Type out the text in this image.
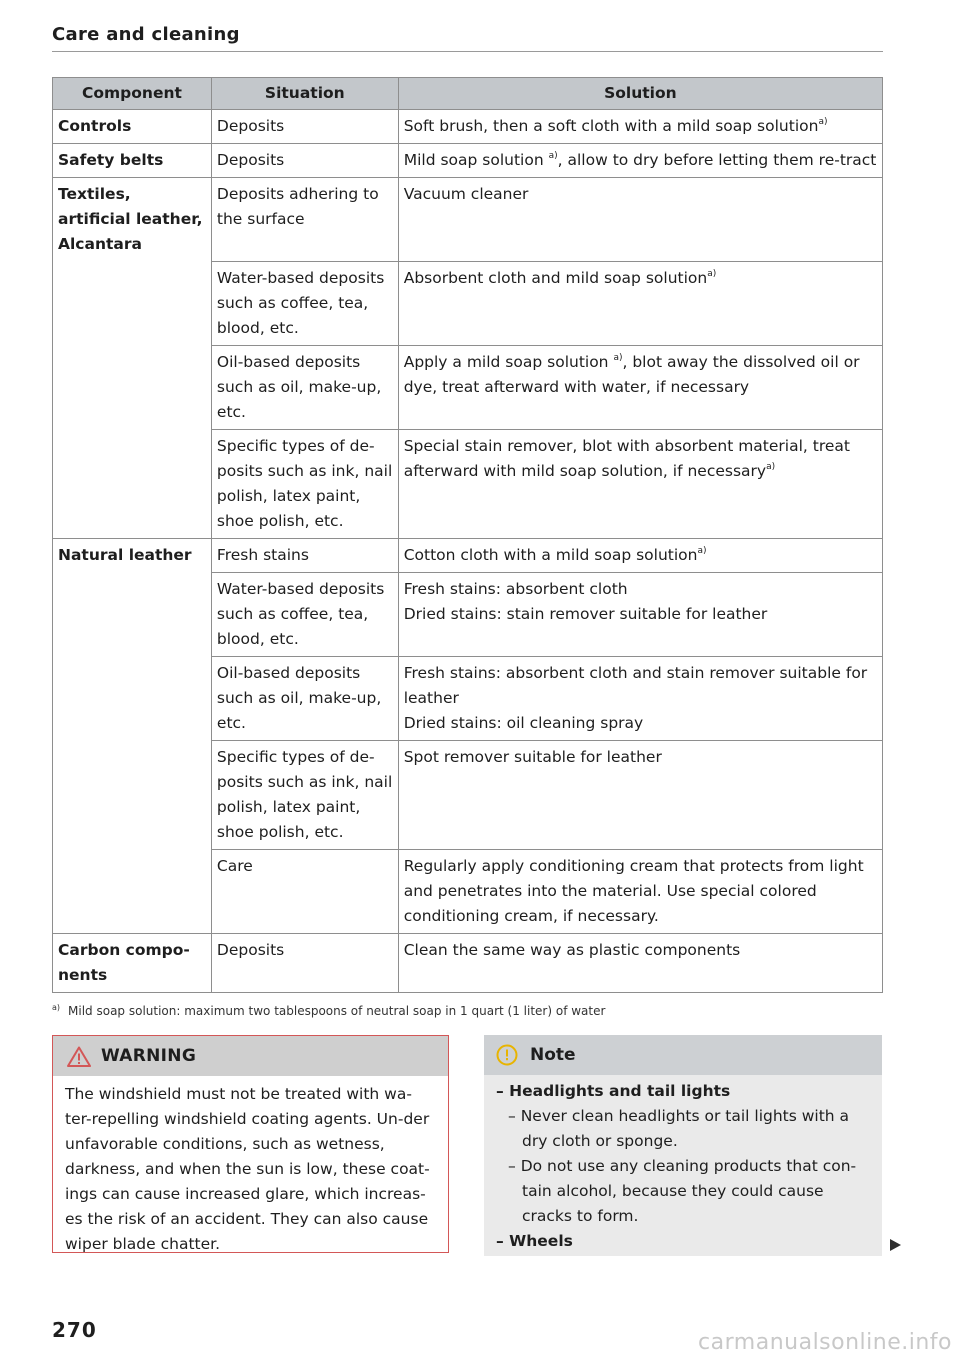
Care and cleaning
Component	Situation	Solution
Controls	Deposits	Soft brush, then a soft cloth with a mild soap solution$^{a)}$
Safety belts	Deposits	Mild soap solution $^{a)}$, allow to dry before letting them re-tract
Textiles, artificial leather, Alcantara	Deposits adhering to the surface	Vacuum cleaner
	Water-based deposits such as coffee, tea, blood, etc.	Absorbent cloth and mild soap solution$^{a)}$
	Oil-based deposits such as oil, make-up, etc.	Apply a mild soap solution $^{a)}$, blot away the dissolved oil or dye, treat afterward with water, if necessary
	Specific types of de-posits such as ink, nail polish, latex paint, shoe polish, etc.	Special stain remover, blot with absorbent material, treat afterward with mild soap solution, if necessary$^{a)}$
Natural leather	Fresh stains	Cotton cloth with a mild soap solution$^{a)}$
	Water-based deposits such as coffee, tea, blood, etc.	Fresh stains: absorbent cloth
Dried stains: stain remover suitable for leather

	Oil-based deposits such as oil, make-up, etc.	Fresh stains: absorbent cloth and stain remover suitable for leather
Dried stains: oil cleaning spray

	Specific types of de-posits such as ink, nail polish, latex paint, shoe polish, etc.	Spot remover suitable for leather
	Care	Regularly apply conditioning cream that protects from light and penetrates into the material. Use special colored conditioning cream, if necessary.
Carbon compo-nents	Deposits	Clean the same way as plastic components
$^{a)}$ Mild soap solution: maximum two tablespoons of neutral soap in 1 quart (1 liter) of water
WARNING

The windshield must not be treated with wa-ter-repelling windshield coating agents. Un-der unfavorable conditions, such as wetness, darkness, and when the sun is low, these coat-ings can cause increased glare, which increas-es the risk of an accident. They can also cause wiper blade chatter.

Note
– Headlights and tail lights
– Never clean headlights or tail lights with a dry cloth or sponge.
– Do not use any cleaning products that con-tain alcohol, because they could cause cracks to form.
– Wheels
270	carmanualsonline.info
